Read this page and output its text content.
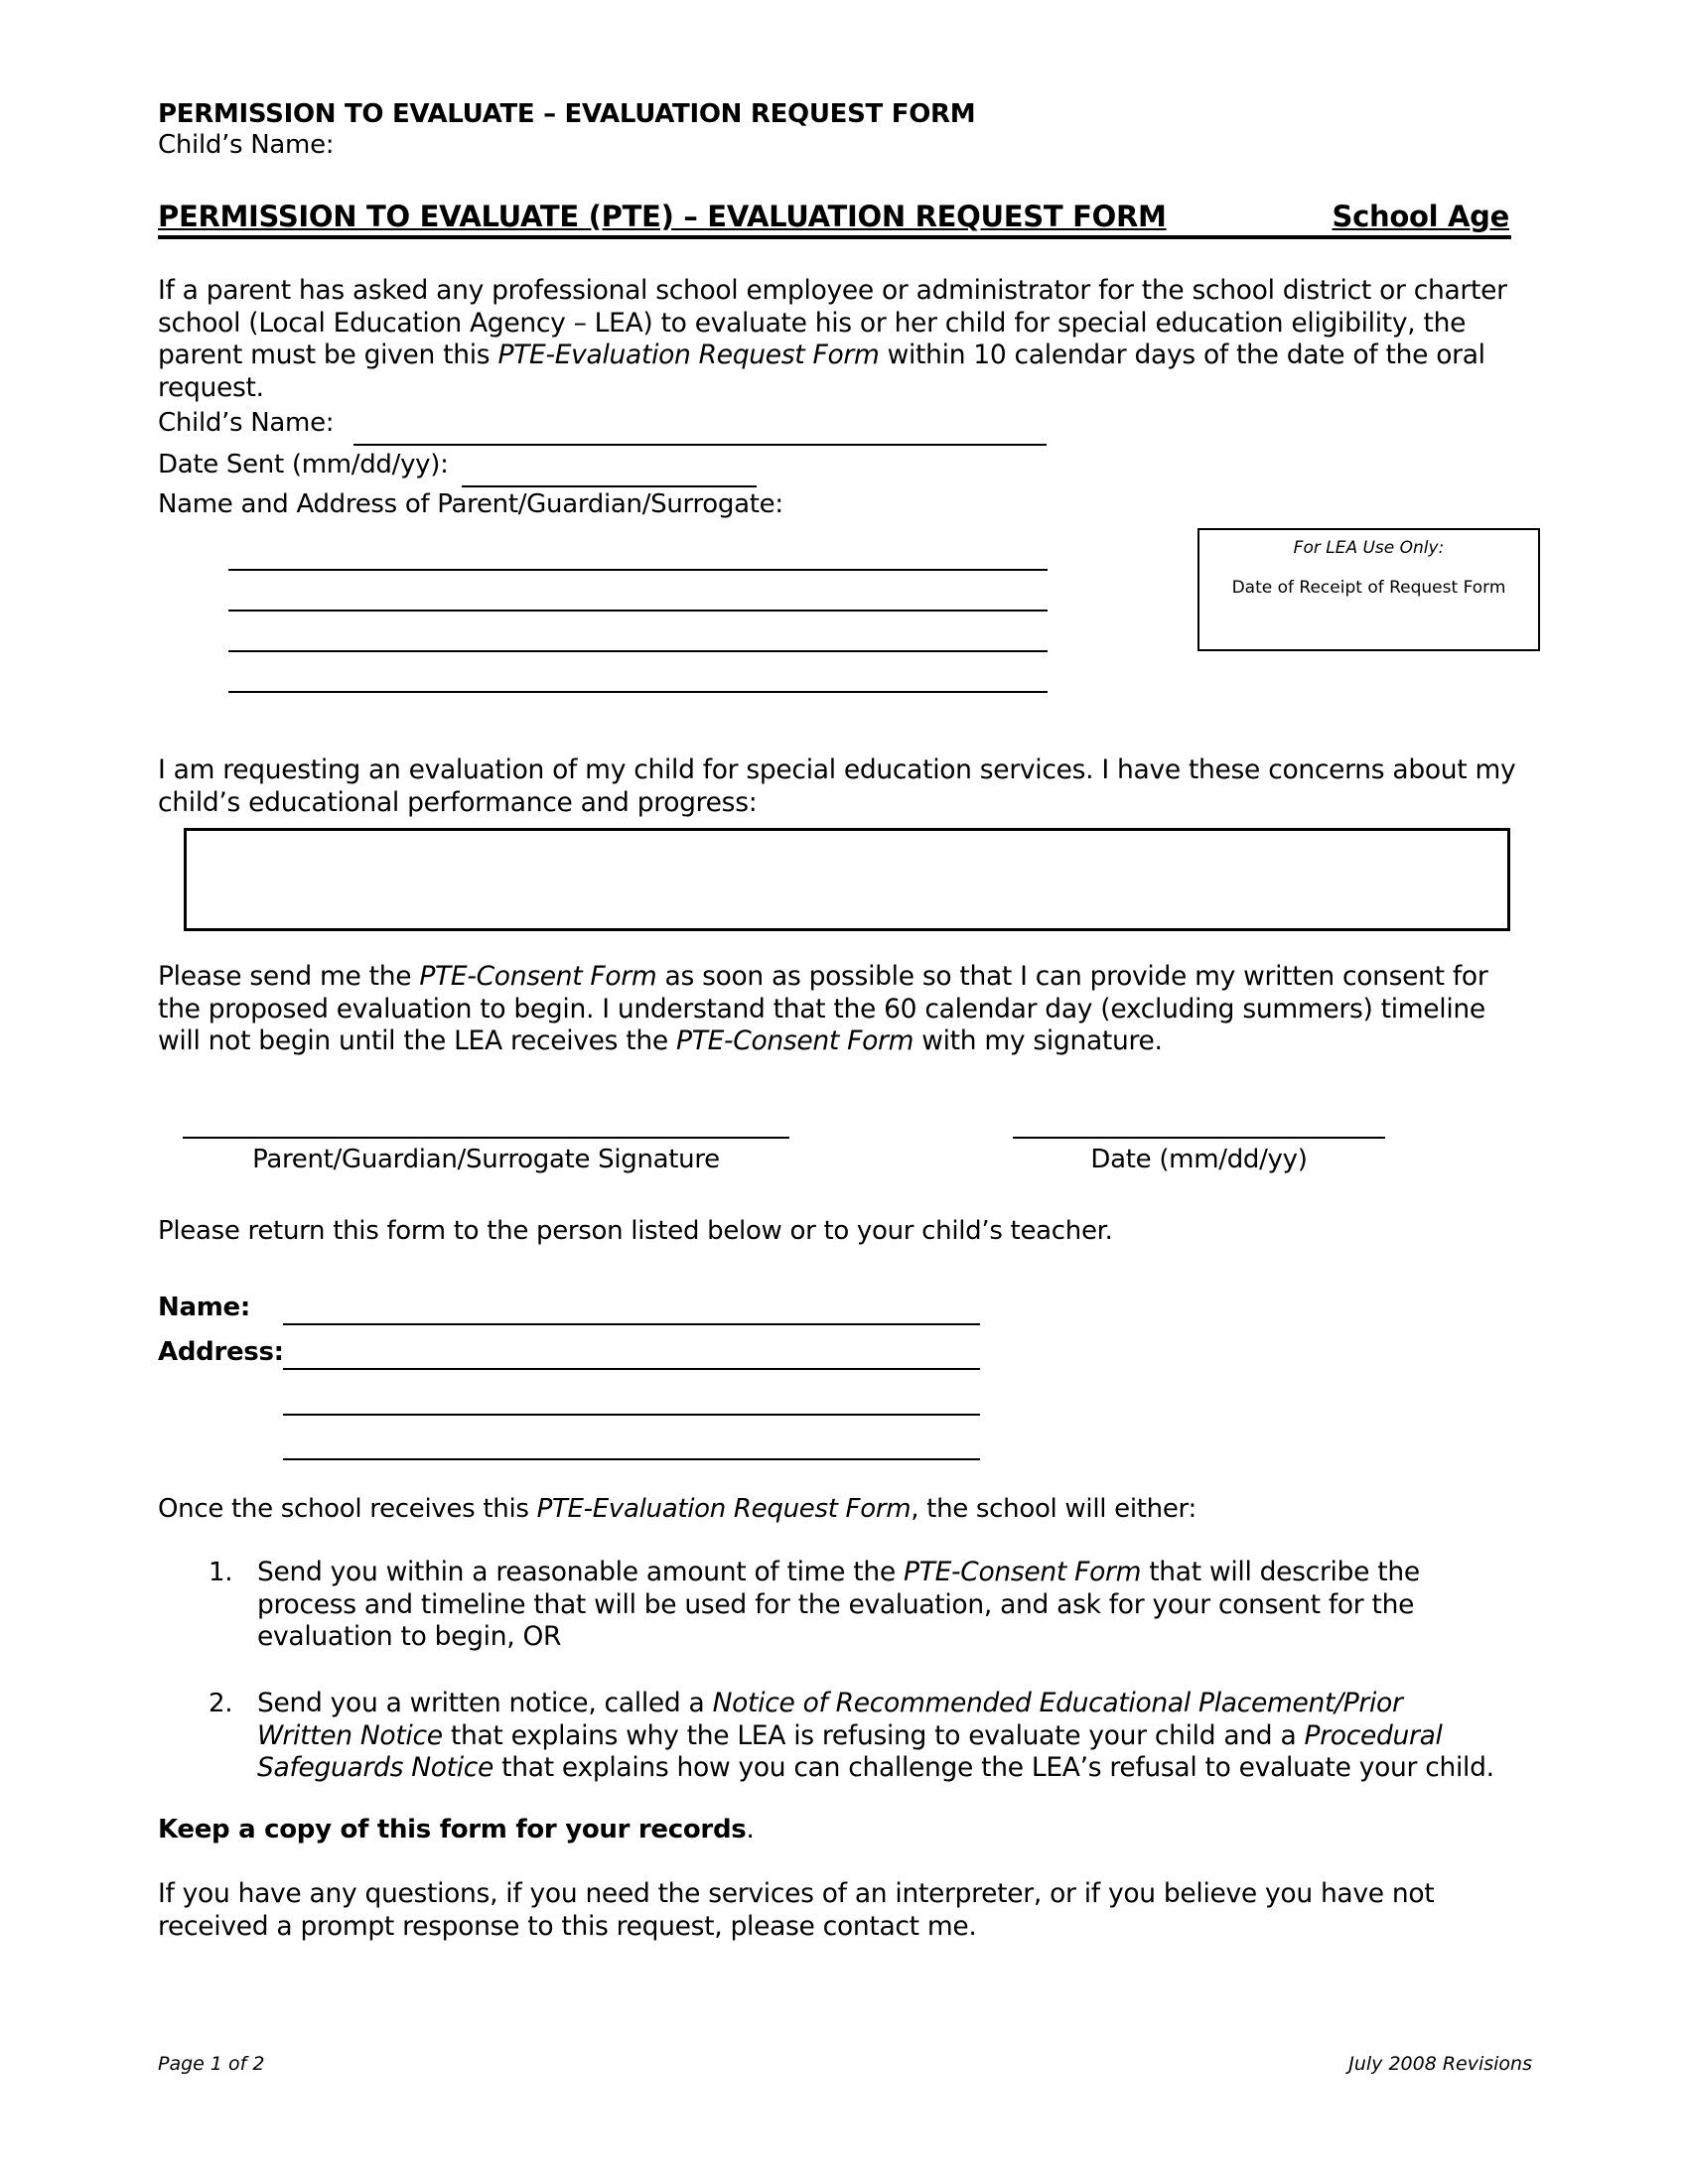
PERMISSION TO EVALUATE – EVALUATION REQUEST FORM
Child’s Name:
PERMISSION TO EVALUATE (PTE) – EVALUATION REQUEST FORM	School Age
If a parent has asked any professional school employee or administrator for the school district or charter school (Local Education Agency – LEA) to evaluate his or her child for special education eligibility, the parent must be given this PTE-Evaluation Request Form within 10 calendar days of the date of the oral request.
Child’s Name:
Date Sent (mm/dd/yy):
Name and Address of Parent/Guardian/Surrogate:
For LEA Use Only:
Date of Receipt of Request Form
I am requesting an evaluation of my child for special education services. I have these concerns about my child’s educational performance and progress:
Please send me the PTE-Consent Form as soon as possible so that I can provide my written consent for the proposed evaluation to begin. I understand that the 60 calendar day (excluding summers) timeline will not begin until the LEA receives the PTE-Consent Form with my signature.
Parent/Guardian/Surrogate Signature	Date (mm/dd/yy)
Please return this form to the person listed below or to your child’s teacher.
Name:
Address:
Once the school receives this PTE-Evaluation Request Form, the school will either:
1. Send you within a reasonable amount of time the PTE-Consent Form that will describe the process and timeline that will be used for the evaluation, and ask for your consent for the evaluation to begin, OR
2. Send you a written notice, called a Notice of Recommended Educational Placement/Prior Written Notice that explains why the LEA is refusing to evaluate your child and a Procedural Safeguards Notice that explains how you can challenge the LEA’s refusal to evaluate your child.
Keep a copy of this form for your records.
If you have any questions, if you need the services of an interpreter, or if you believe you have not received a prompt response to this request, please contact me.
Page 1 of 2	July 2008 Revisions
